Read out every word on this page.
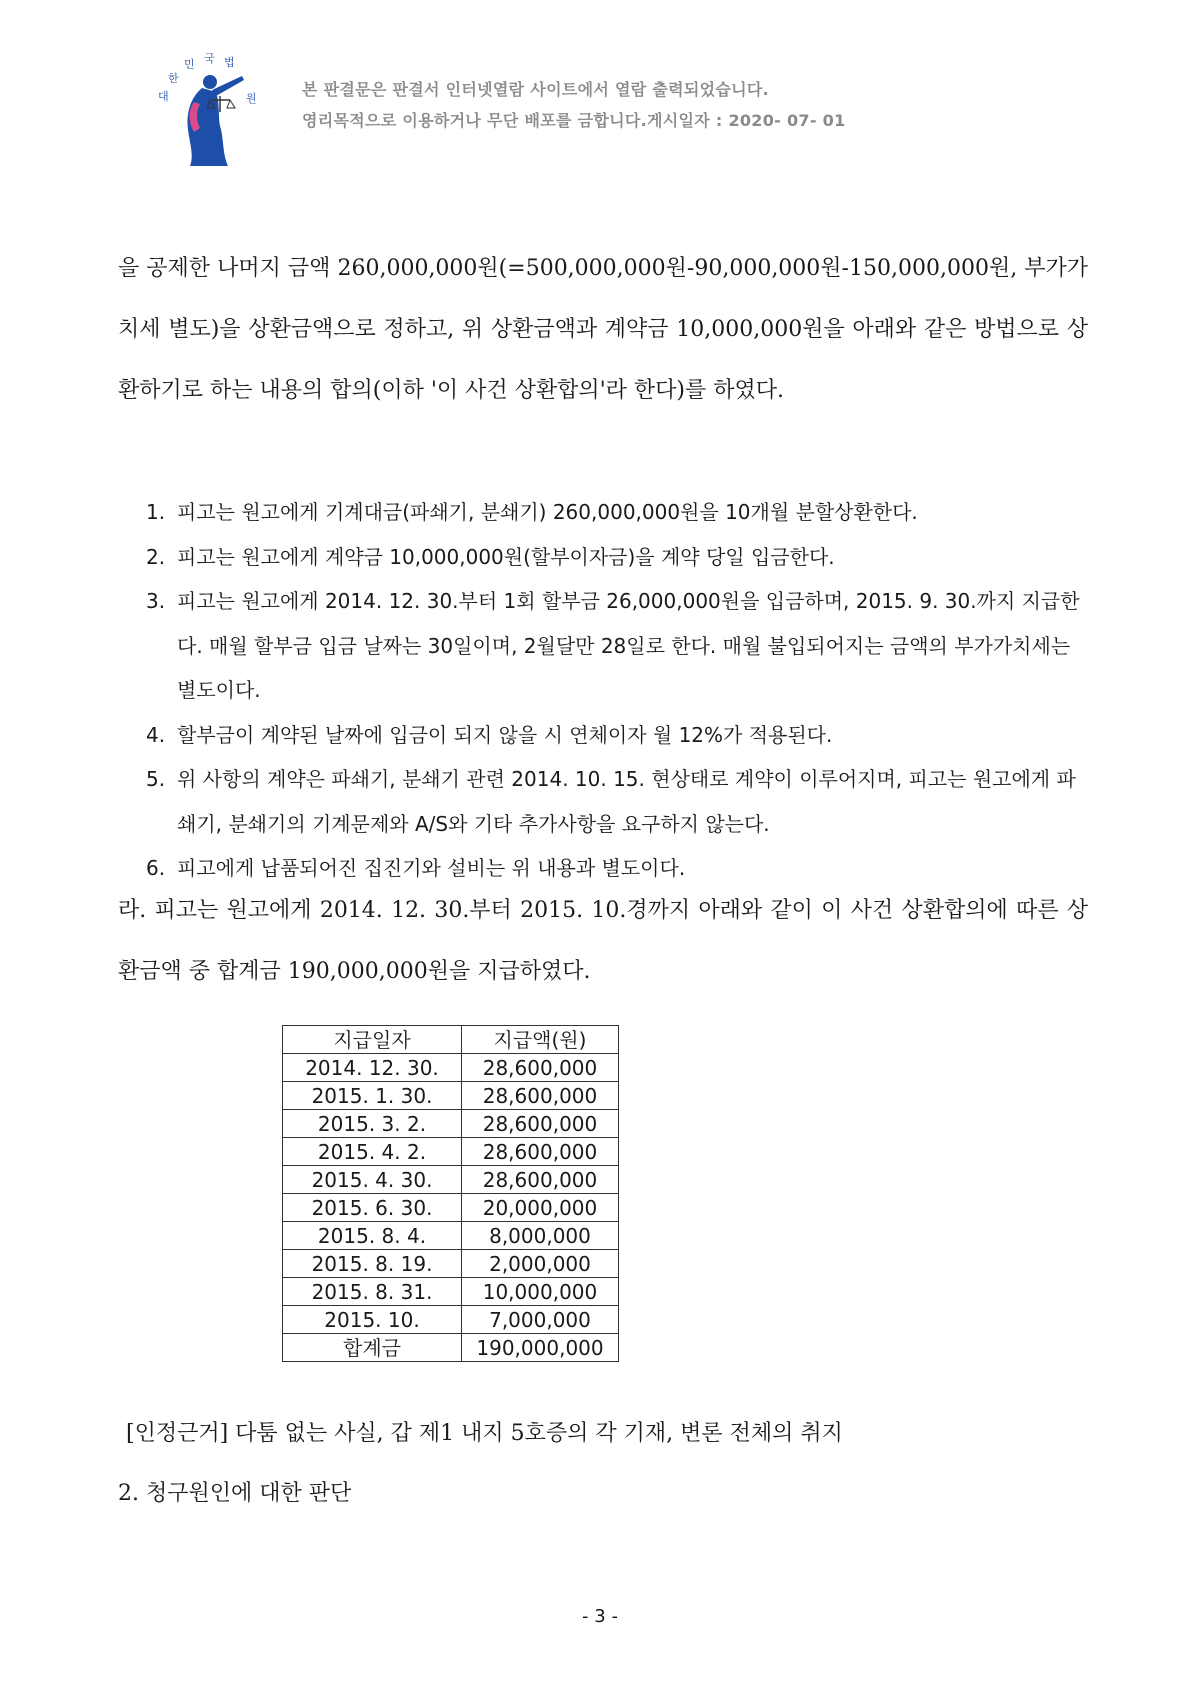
대
한
민 국 법
원	본 판결문은 판결서 인터넷열람 사이트에서 열람 출력되었습니다.
영리목적으로 이용하거나 무단 배포를 금합니다.게시일자 : 2020- 07- 01
을 공제한 나머지 금액 260,000,000원(=500,000,000원-90,000,000원-150,000,000원, 부가가치세 별도)을 상환금액으로 정하고, 위 상환금액과 계약금 10,000,000원을 아래와 같은 방법으로 상환하기로 하는 내용의 합의(이하 '이 사건 상환합의'라 한다)를 하였다.
1. 피고는 원고에게 기계대금(파쇄기, 분쇄기) 260,000,000원을 10개월 분할상환한다.
2. 피고는 원고에게 계약금 10,000,000원(할부이자금)을 계약 당일 입금한다.
3. 피고는 원고에게 2014. 12. 30.부터 1회 할부금 26,000,000원을 입금하며, 2015. 9. 30.까지 지급한다. 매월 할부금 입금 날짜는 30일이며, 2월달만 28일로 한다. 매월 불입되어지는 금액의 부가가치세는 별도이다.
4. 할부금이 계약된 날짜에 입금이 되지 않을 시 연체이자 월 12%가 적용된다.
5. 위 사항의 계약은 파쇄기, 분쇄기 관련 2014. 10. 15. 현상태로 계약이 이루어지며, 피고는 원고에게 파쇄기, 분쇄기의 기계문제와 A/S와 기타 추가사항을 요구하지 않는다.
6. 피고에게 납품되어진 집진기와 설비는 위 내용과 별도이다.
라. 피고는 원고에게 2014. 12. 30.부터 2015. 10.경까지 아래와 같이 이 사건 상환합의에 따른 상환금액 중 합계금 190,000,000원을 지급하였다.
지급일자	지급액(원)
2014. 12. 30.	28,600,000
2015. 1. 30.	28,600,000
2015. 3. 2.	28,600,000
2015. 4. 2.	28,600,000
2015. 4. 30.	28,600,000
2015. 6. 30.	20,000,000
2015. 8. 4.	8,000,000
2015. 8. 19.	2,000,000
2015. 8. 31.	10,000,000
2015. 10.	7,000,000
합계금	190,000,000
[인정근거] 다툼 없는 사실, 갑 제1 내지 5호증의 각 기재, 변론 전체의 취지
2. 청구원인에 대한 판단
- 3 -
